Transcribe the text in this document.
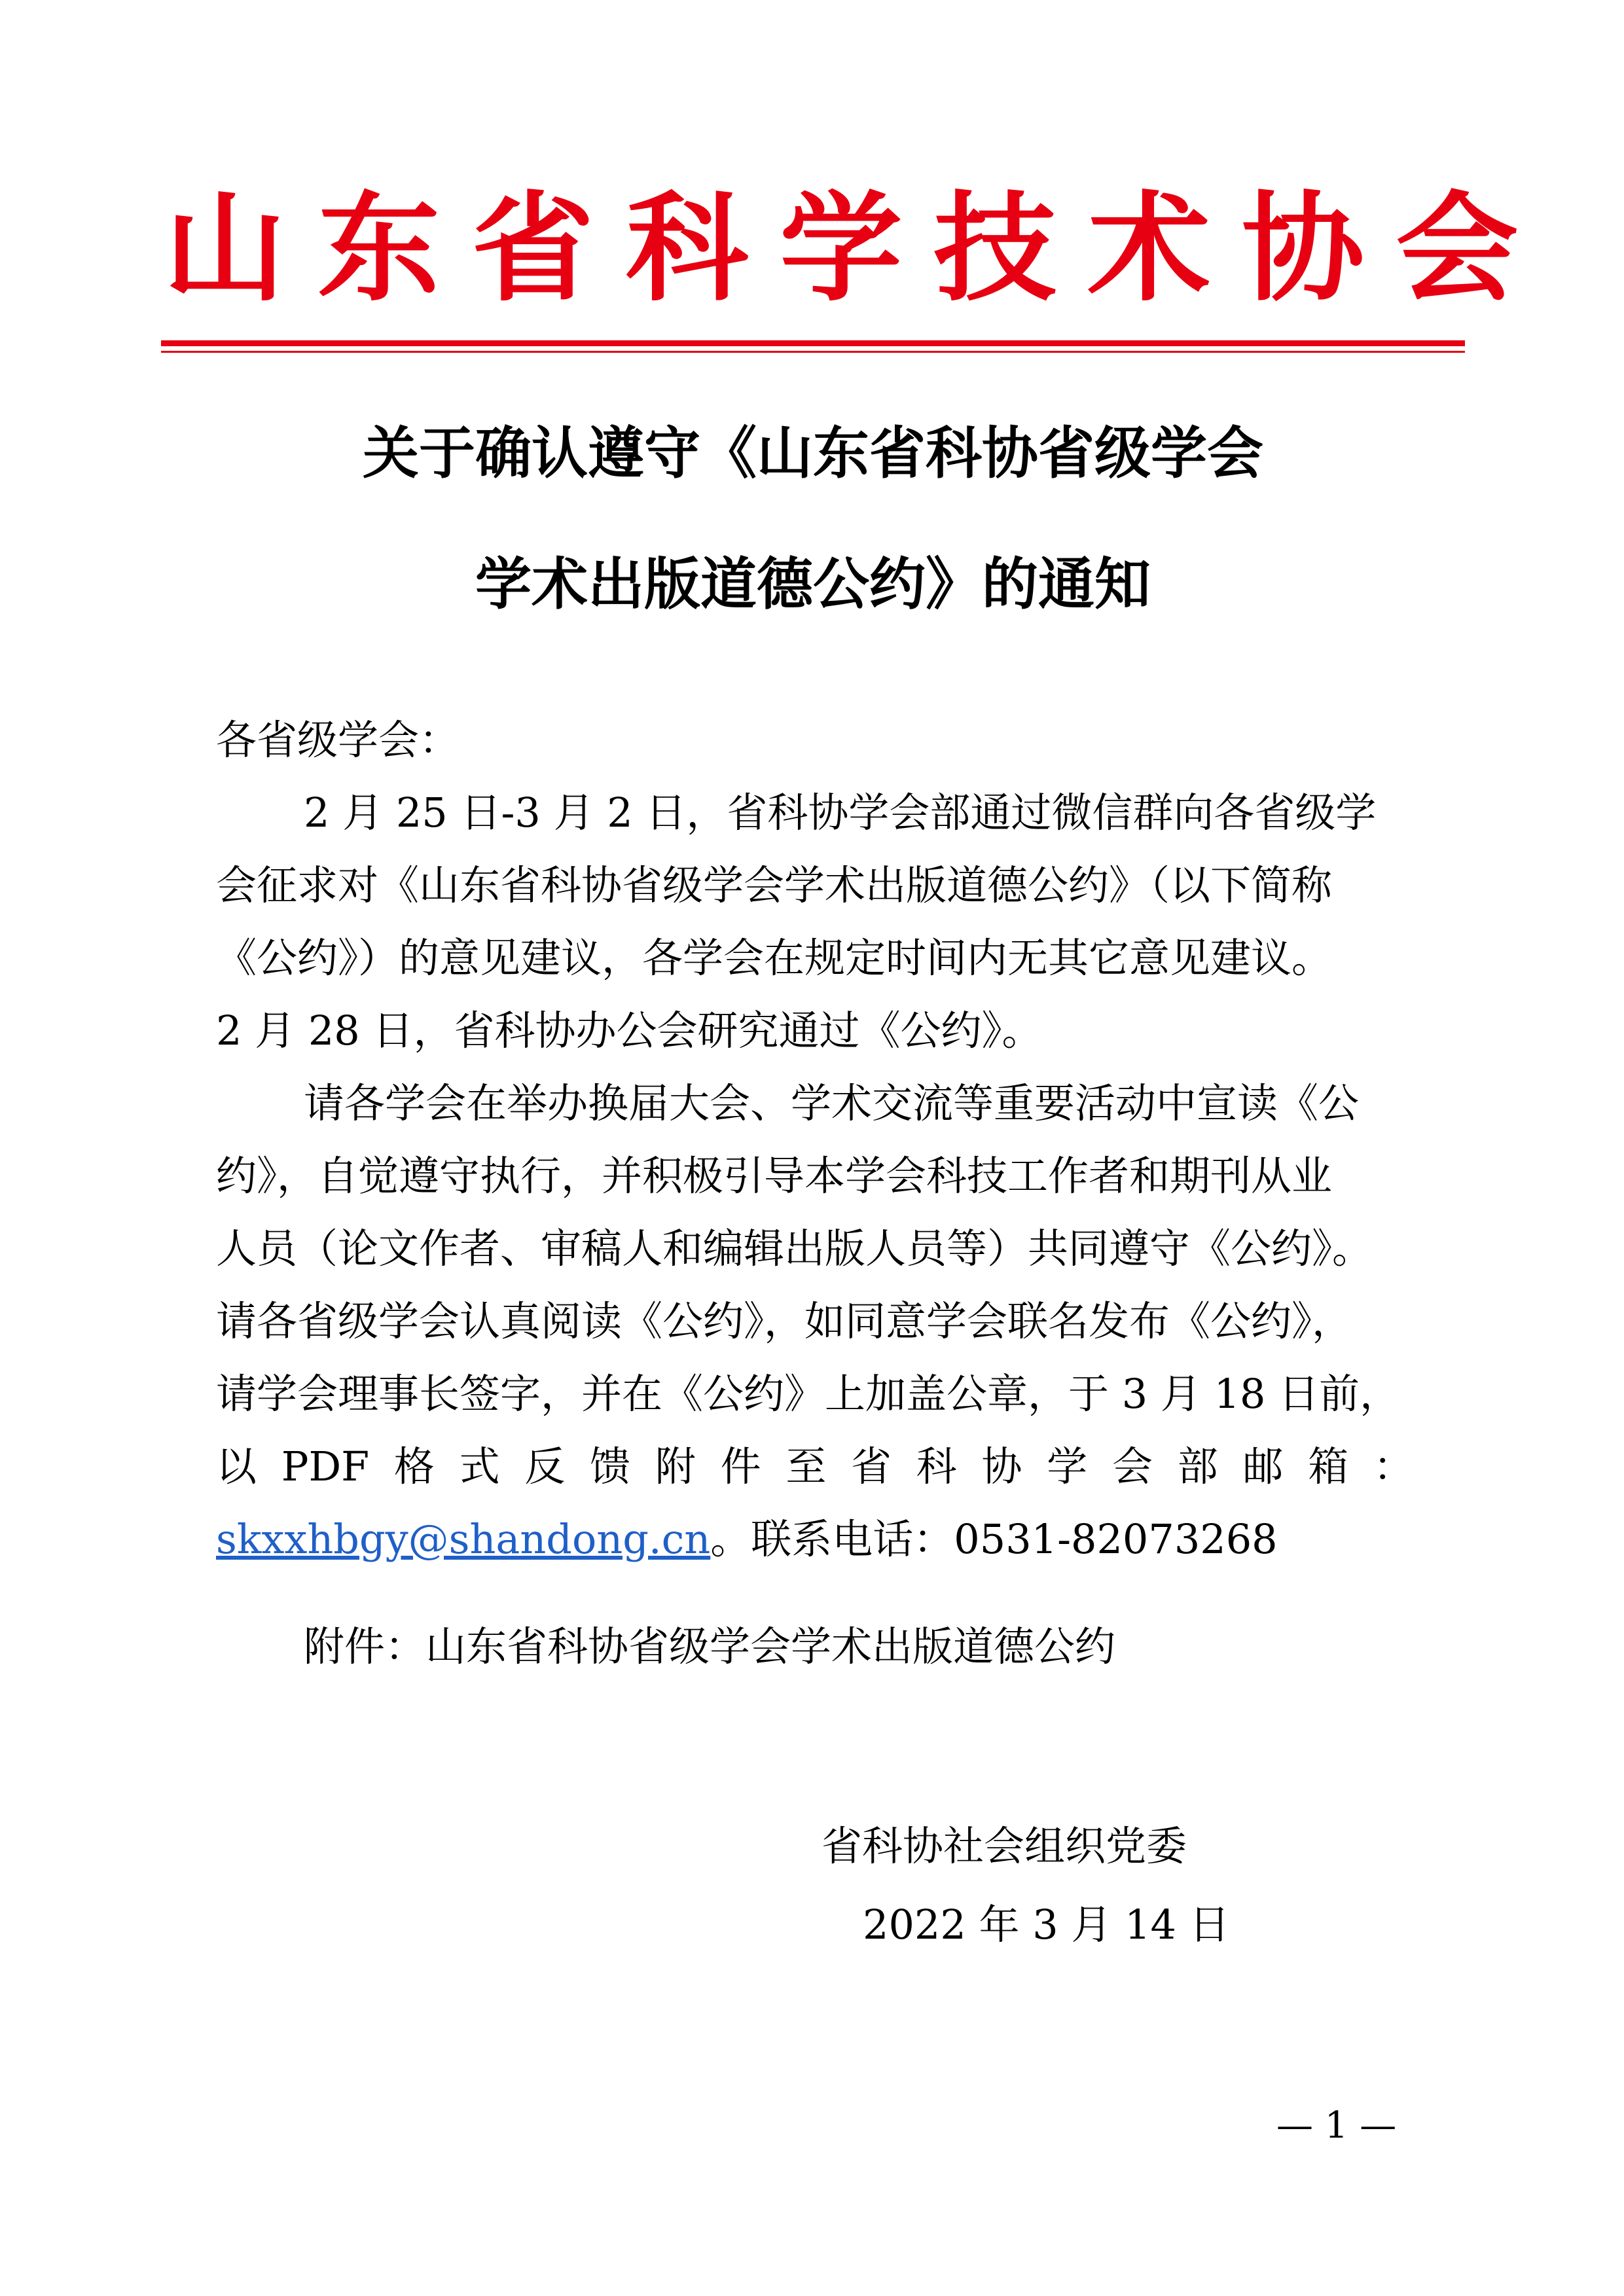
山 东 省 科 学 技 术 协 会
关于确认遵守《山东省科协省级学会
学术出版道德公约》的通知
各省级学会：
2 月 25 日-3 月 2 日，省科协学会部通过微信群向各省级学
会征求对《山东省科协省级学会学术出版道德公约》（以下简称
《公约》）的意见建议，各学会在规定时间内无其它意见建议。
2 月 28 日，省科协办公会研究通过《公约》。
请各学会在举办换届大会、学术交流等重要活动中宣读《公
约》，自觉遵守执行，并积极引导本学会科技工作者和期刊从业
人员（论文作者、审稿人和编辑出版人员等）共同遵守《公约》。
请各省级学会认真阅读《公约》，如同意学会联名发布《公约》，
请学会理事长签字，并在《公约》上加盖公章，于 3 月 18 日前，
以 PDF 格 式 反 馈 附 件 至 省 科 协 学 会 部 邮 箱 ：
skxxhbgy@shandong.cn。联系电话：0531-82073268
附件：山东省科协省级学会学术出版道德公约
省科协社会组织党委
2022 年 3 月 14 日
— 1 —
